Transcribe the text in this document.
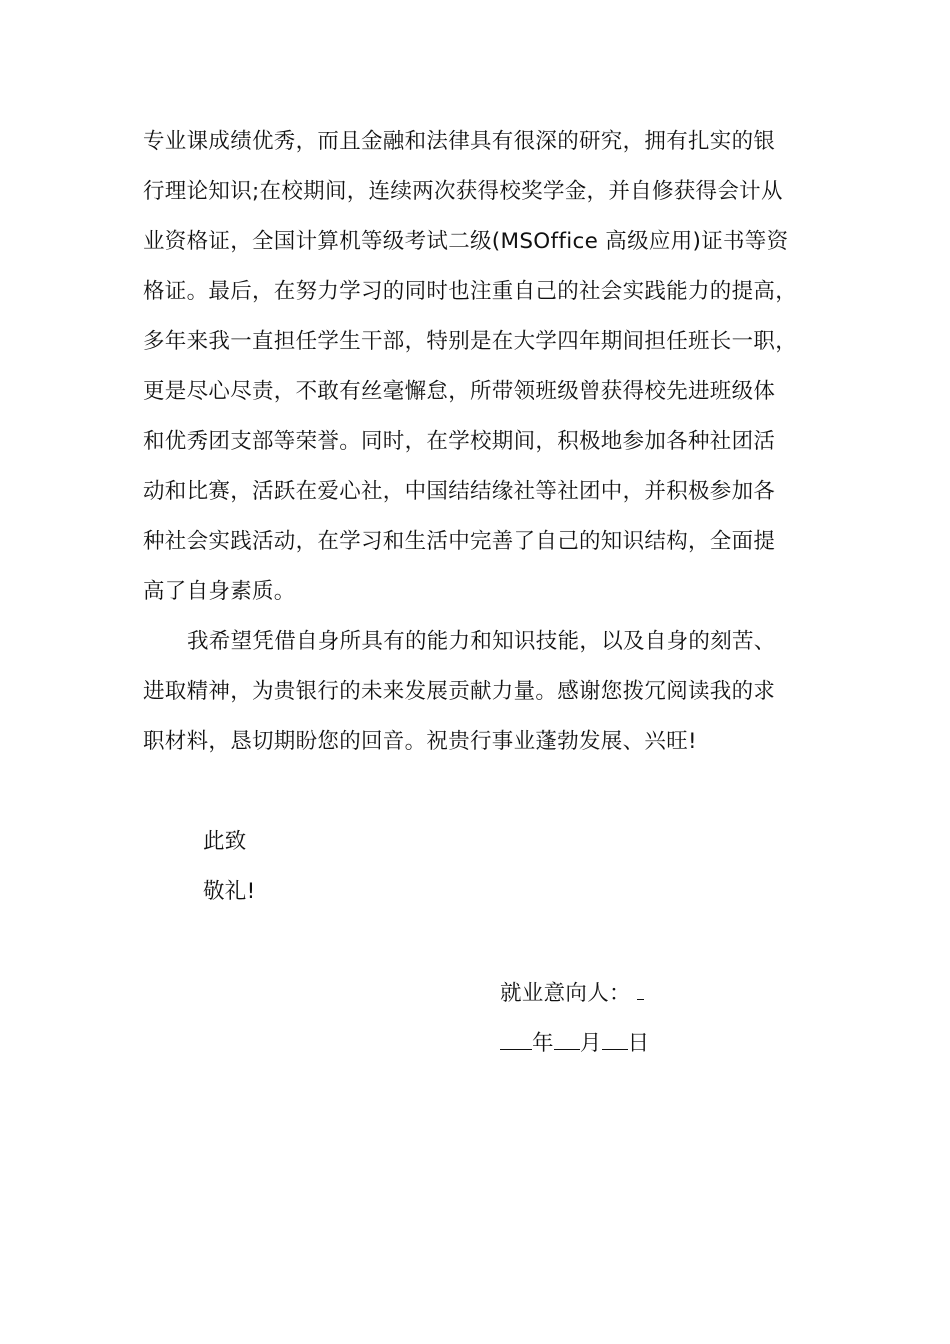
专业课成绩优秀，而且金融和法律具有很深的研究，拥有扎实的银
行理论知识;在校期间，连续两次获得校奖学金，并自修获得会计从
业资格证，全国计算机等级考试二级(MSOffice 高级应用)证书等资
格证。最后，在努力学习的同时也注重自己的社会实践能力的提高，
多年来我一直担任学生干部，特别是在大学四年期间担任班长一职，
更是尽心尽责，不敢有丝毫懈怠，所带领班级曾获得校先进班级体
和优秀团支部等荣誉。同时，在学校期间，积极地参加各种社团活
动和比赛，活跃在爱心社，中国结结缘社等社团中，并积极参加各
种社会实践活动，在学习和生活中完善了自己的知识结构，全面提
高了自身素质。
我希望凭借自身所具有的能力和知识技能，以及自身的刻苦、
进取精神，为贵银行的未来发展贡献力量。感谢您拨冗阅读我的求
职材料，恳切期盼您的回音。祝贵行事业蓬勃发展、兴旺!
此致
敬礼!
就业意向人：
年 月 日
